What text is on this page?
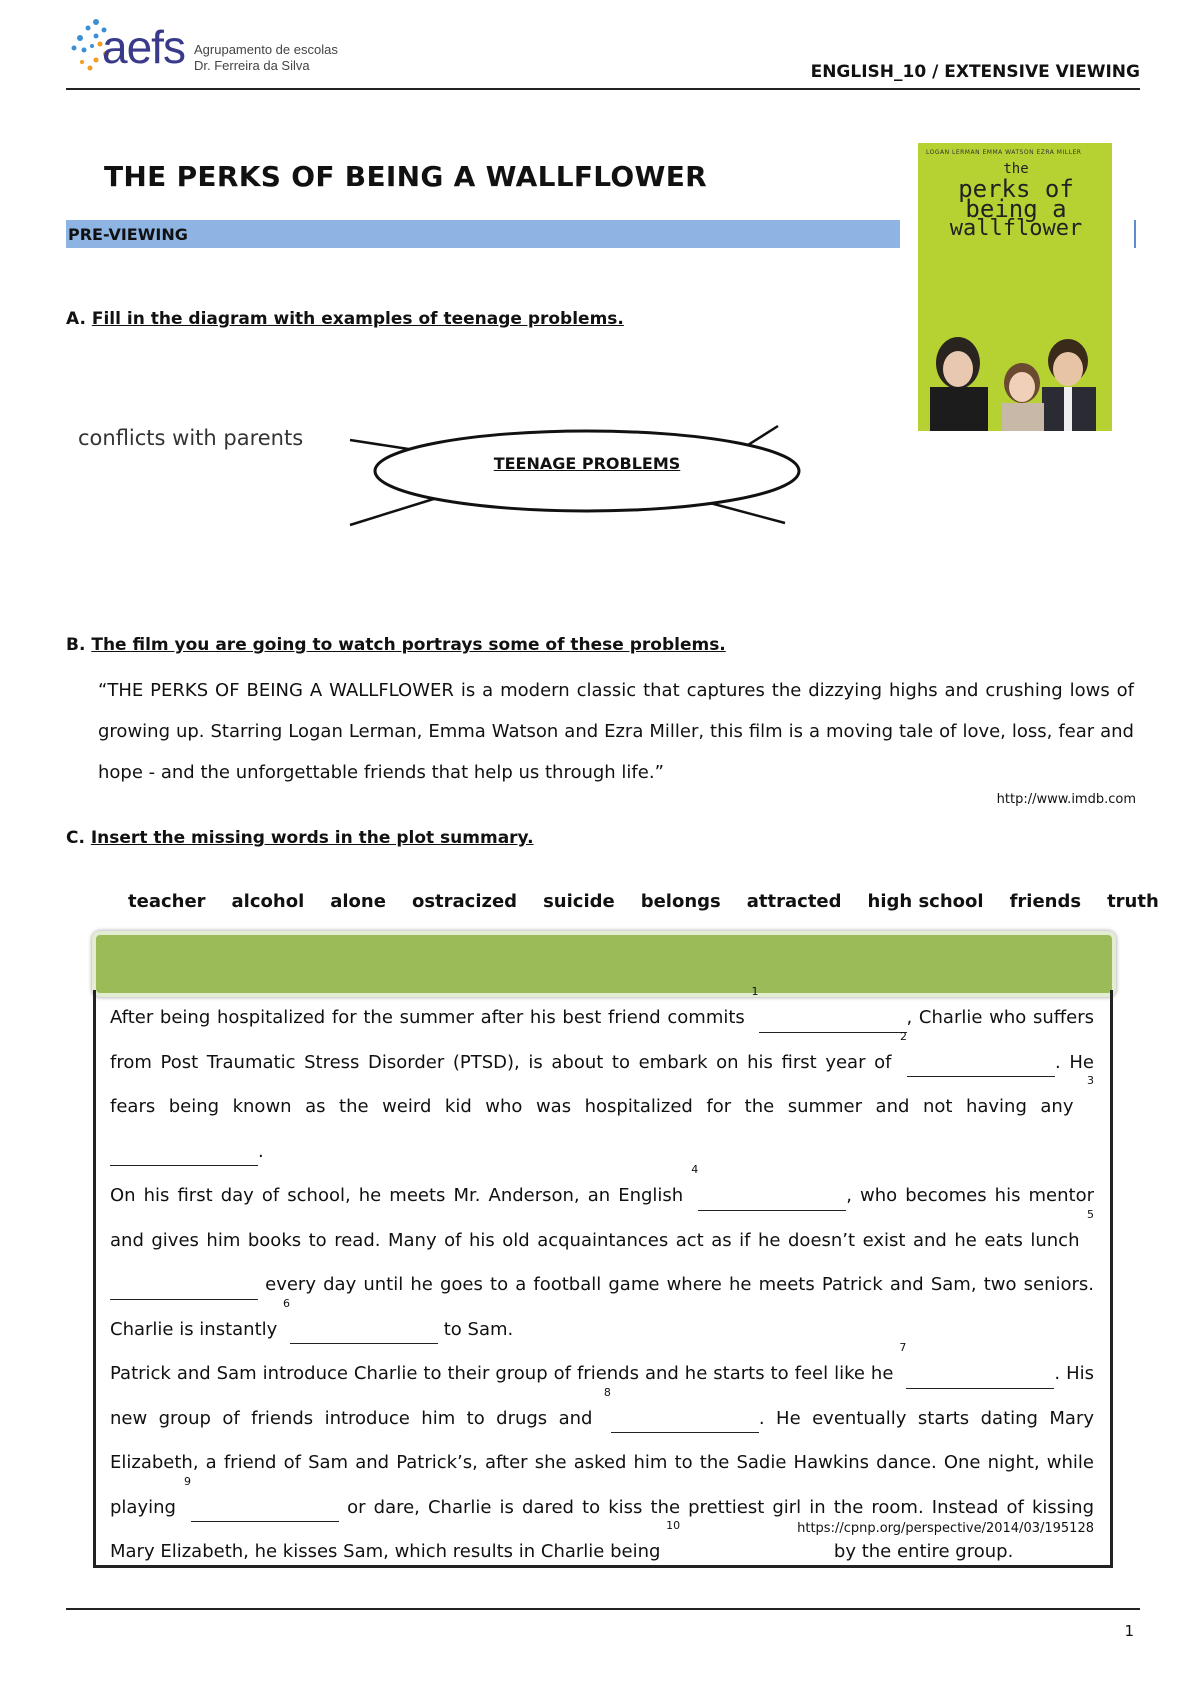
aefs Agrupamento de escolas
Dr. Ferreira da Silva	ENGLISH_10 / EXTENSIVE VIEWING
THE PERKS OF BEING A WALLFLOWER
PRE-VIEWING
LOGAN LERMAN EMMA WATSON EZRA MILLER
the
perks of being a
wallflower
A. Fill in the diagram with examples of teenage problems.
conflicts with parents
TEENAGE PROBLEMS
B. The film you are going to watch portrays some of these problems.
“THE PERKS OF BEING A WALLFLOWER is a modern classic that captures the dizzying highs and crushing lows of growing up. Starring Logan Lerman, Emma Watson and Ezra Miller, this film is a moving tale of love, loss, fear and hope - and the unforgettable friends that help us through life.”
http://www.imdb.com
C. Insert the missing words in the plot summary.
teacher alcohol alone ostracized suicide belongs attracted high school friends truth

After being hospitalized for the summer after his best friend commits $^1$, Charlie who suffers from Post Traumatic Stress Disorder (PTSD), is about to embark on his first year of $^2$. He fears being known as the weird kid who was hospitalized for the summer and not having any $^3$.

On his first day of school, he meets Mr. Anderson, an English $^4$, who becomes his mentor and gives him books to read. Many of his old acquaintances act as if he doesn’t exist and he eats lunch $^5$ every day until he goes to a football game where he meets Patrick and Sam, two seniors. Charlie is instantly $^6$ to Sam.

Patrick and Sam introduce Charlie to their group of friends and he starts to feel like he $^7$. His new group of friends introduce him to drugs and $^8$. He eventually starts dating Mary Elizabeth, a friend of Sam and Patrick’s, after she asked him to the Sadie Hawkins dance. One night, while playing $^9$ or dare, Charlie is dared to kiss the prettiest girl in the room. Instead of kissing Mary Elizabeth, he kisses Sam, which results in Charlie being $^{10}$ by the entire group.

https://cpnp.org/perspective/2014/03/195128
1
